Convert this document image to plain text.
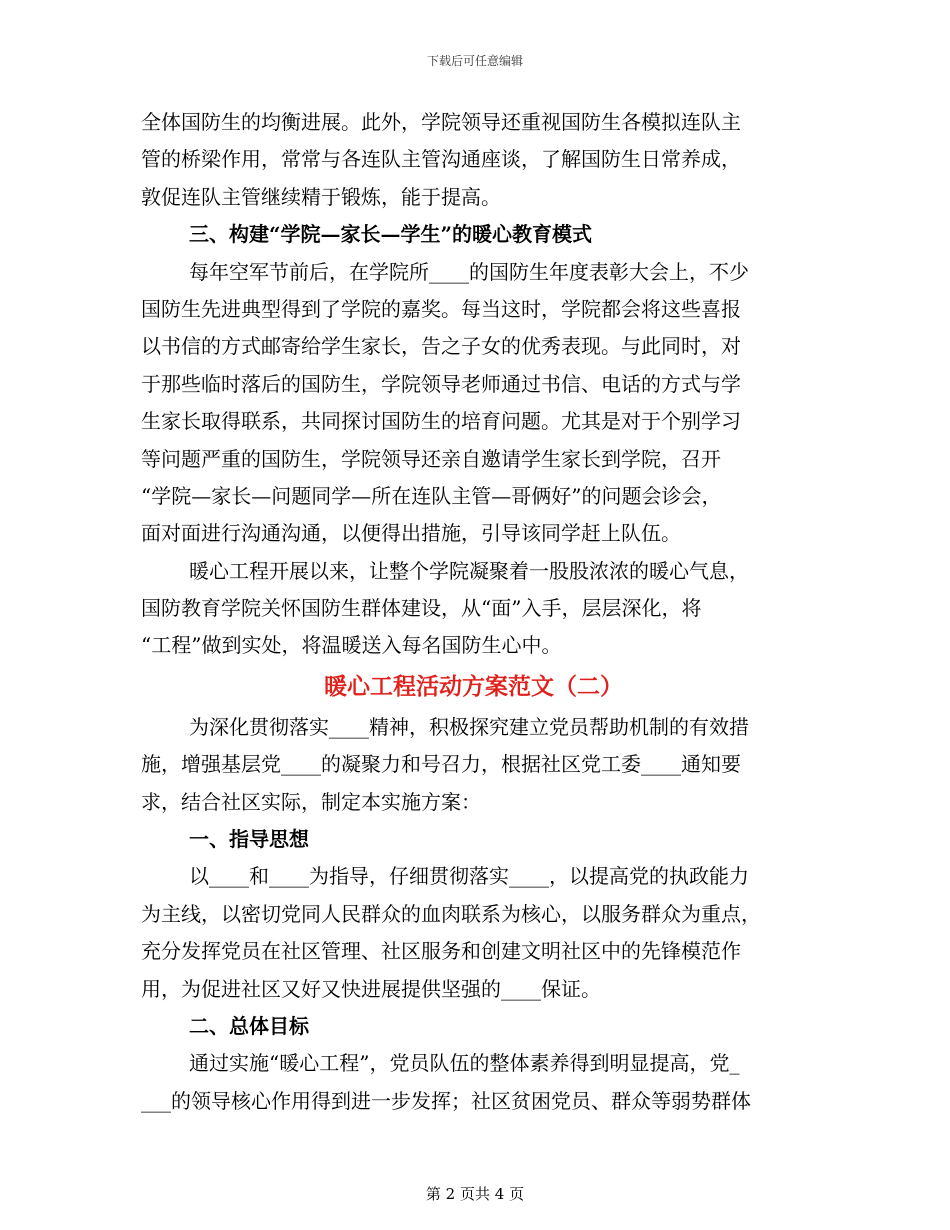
下载后可任意编辑
全体国防生的均衡进展。此外，学院领导还重视国防生各模拟连队主
管的桥梁作用，常常与各连队主管沟通座谈，了解国防生日常养成，
敦促连队主管继续精于锻炼，能于提高。
三、构建“学院—家长—学生”的暖心教育模式
每年空军节前后，在学院所____的国防生年度表彰大会上，不少
国防生先进典型得到了学院的嘉奖。每当这时，学院都会将这些喜报
以书信的方式邮寄给学生家长，告之子女的优秀表现。与此同时，对
于那些临时落后的国防生，学院领导老师通过书信、电话的方式与学
生家长取得联系，共同探讨国防生的培育问题。尤其是对于个别学习
等问题严重的国防生，学院领导还亲自邀请学生家长到学院，召开
“学院—家长—问题同学—所在连队主管—哥俩好”的问题会诊会，
面对面进行沟通沟通，以便得出措施，引导该同学赶上队伍。
暖心工程开展以来，让整个学院凝聚着一股股浓浓的暖心气息，
国防教育学院关怀国防生群体建设，从“面”入手，层层深化，将
“工程”做到实处，将温暖送入每名国防生心中。
暖心工程活动方案范文（二）
为深化贯彻落实____精神，积极探究建立党员帮助机制的有效措
施，增强基层党____的凝聚力和号召力，根据社区党工委____通知要
求，结合社区实际，制定本实施方案：
一、指导思想
以____和____为指导，仔细贯彻落实____，以提高党的执政能力
为主线，以密切党同人民群众的血肉联系为核心，以服务群众为重点，
充分发挥党员在社区管理、社区服务和创建文明社区中的先锋模范作
用，为促进社区又好又快进展提供坚强的____保证。
二、总体目标
通过实施“暖心工程”，党员队伍的整体素养得到明显提高，党_
___的领导核心作用得到进一步发挥；社区贫困党员、群众等弱势群体
第 2 页共 4 页
